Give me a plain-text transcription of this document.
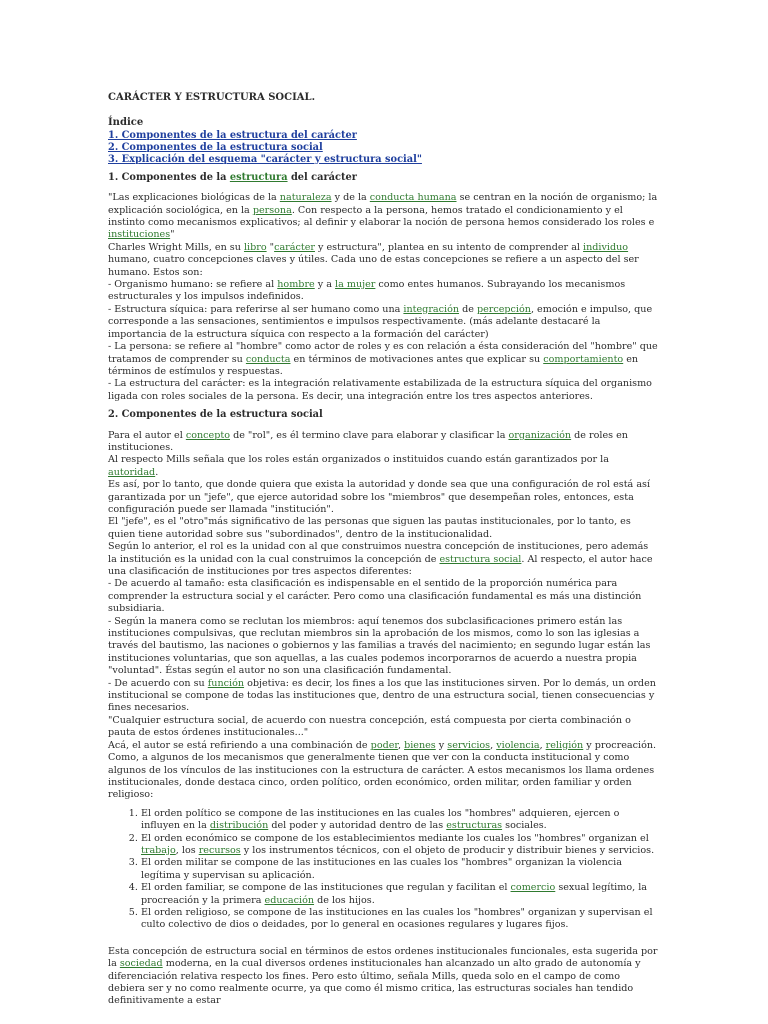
CARÁCTER Y ESTRUCTURA SOCIAL.
Índice
1. Componentes de la estructura del carácter
2. Componentes de la estructura social
3. Explicación del esquema "carácter y estructura social"
1. Componentes de la estructura del carácter

"Las explicaciones biológicas de la naturaleza y de la conducta humana se centran en la noción de organismo; la explicación sociológica, en la persona. Con respecto a la persona, hemos tratado el condicionamiento y el instinto como mecanismos explicativos; al definir y elaborar la noción de persona hemos considerado los roles e instituciones"

Charles Wright Mills, en su libro "carácter y estructura", plantea en su intento de comprender al individuo humano, cuatro concepciones claves y útiles. Cada uno de estas concepciones se refiere a un aspecto del ser humano. Estos son:

- Organismo humano: se refiere al hombre y a la mujer como entes humanos. Subrayando los mecanismos estructurales y los impulsos indefinidos.

- Estructura síquica: para referirse al ser humano como una integración de percepción, emoción e impulso, que corresponde a las sensaciones, sentimientos e impulsos respectivamente. (más adelante destacaré la importancia de la estructura síquica con respecto a la formación del carácter)

- La persona: se refiere al "hombre" como actor de roles y es con relación a ésta consideración del "hombre" que tratamos de comprender su conducta en términos de motivaciones antes que explicar su comportamiento en términos de estímulos y respuestas.

- La estructura del carácter: es la integración relativamente estabilizada de la estructura síquica del organismo ligada con roles sociales de la persona. Es decir, una integración entre los tres aspectos anteriores.

2. Componentes de la estructura social

Para el autor el concepto de "rol", es él termino clave para elaborar y clasificar la organización de roles en instituciones.

Al respecto Mills señala que los roles están organizados o instituidos cuando están garantizados por la autoridad.

Es así, por lo tanto, que donde quiera que exista la autoridad y donde sea que una configuración de rol está así garantizada por un "jefe", que ejerce autoridad sobre los "miembros" que desempeñan roles, entonces, esta configuración puede ser llamada "institución".

El "jefe", es el "otro"más significativo de las personas que siguen las pautas institucionales, por lo tanto, es quien tiene autoridad sobre sus "subordinados", dentro de la institucionalidad.

Según lo anterior, el rol es la unidad con al que construimos nuestra concepción de instituciones, pero además la institución es la unidad con la cual construimos la concepción de estructura social. Al respecto, el autor hace una clasificación de instituciones por tres aspectos diferentes:

- De acuerdo al tamaño: esta clasificación es indispensable en el sentido de la proporción numérica para comprender la estructura social y el carácter. Pero como una clasificación fundamental es más una distinción subsidiaria.

- Según la manera como se reclutan los miembros: aquí tenemos dos subclasificaciones primero están las instituciones compulsivas, que reclutan miembros sin la aprobación de los mismos, como lo son las iglesias a través del bautismo, las naciones o gobiernos y las familias a través del nacimiento; en segundo lugar están las instituciones voluntarias, que son aquellas, a las cuales podemos incorporarnos de acuerdo a nuestra propia "voluntad". Éstas según el autor no son una clasificación fundamental.

- De acuerdo con su función objetiva: es decir, los fines a los que las instituciones sirven. Por lo demás, un orden institucional se compone de todas las instituciones que, dentro de una estructura social, tienen consecuencias y fines necesarios.

"Cualquier estructura social, de acuerdo con nuestra concepción, está compuesta por cierta combinación o pauta de estos órdenes institucionales..."

Acá, el autor se está refiriendo a una combinación de poder, bienes y servicios, violencia, religión y procreación. Como, a algunos de los mecanismos que generalmente tienen que ver con la conducta institucional y como algunos de los vínculos de las instituciones con la estructura de carácter. A estos mecanismos los llama ordenes institucionales, donde destaca cinco, orden político, orden económico, orden militar, orden familiar y orden religioso:

1. El orden político se compone de las instituciones en las cuales los "hombres" adquieren, ejercen o influyen en la distribución del poder y autoridad dentro de las estructuras sociales.
2. El orden económico se compone de los establecimientos mediante los cuales los "hombres" organizan el trabajo, los recursos y los instrumentos técnicos, con el objeto de producir y distribuir bienes y servicios.
3. El orden militar se compone de las instituciones en las cuales los "hombres" organizan la violencia legítima y supervisan su aplicación.
4. El orden familiar, se compone de las instituciones que regulan y facilitan el comercio sexual legítimo, la procreación y la primera educación de los hijos.
5. El orden religioso, se compone de las instituciones en las cuales los "hombres" organizan y supervisan el culto colectivo de dios o deidades, por lo general en ocasiones regulares y lugares fijos.
Esta concepción de estructura social en términos de estos ordenes institucionales funcionales, esta sugerida por la sociedad moderna, en la cual diversos ordenes institucionales han alcanzado un alto grado de autonomía y diferenciación relativa respecto los fines. Pero esto último, señala Mills, queda solo en el campo de como debiera ser y no como realmente ocurre, ya que como él mismo critica, las estructuras sociales han tendido definitivamente a estar
